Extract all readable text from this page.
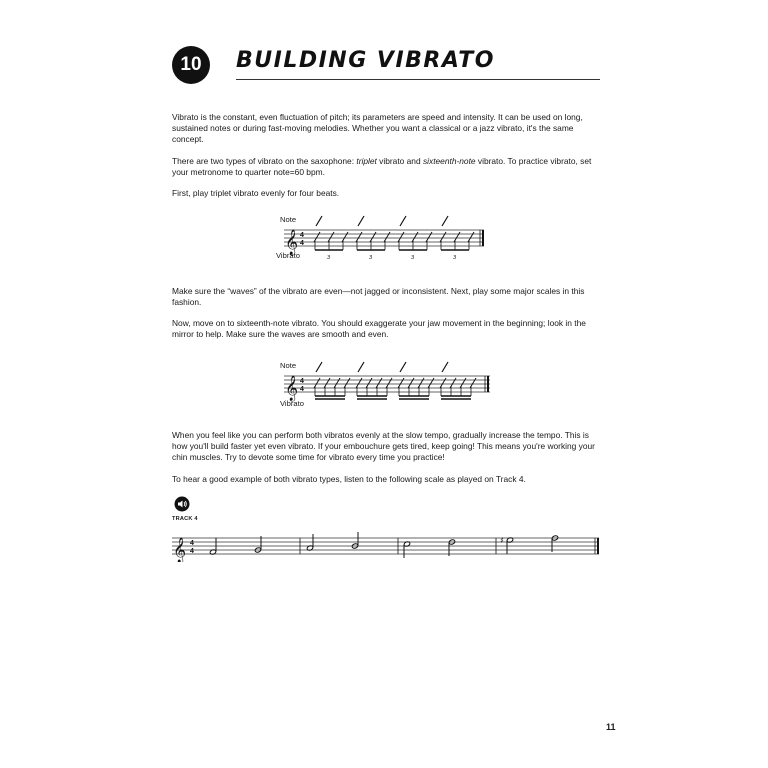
10 BUILDING VIBRATO

Vibrato is the constant, even fluctuation of pitch; its parameters are speed and intensity. It can be used on long, sustained notes or during fast-moving melodies. Whether you want a classical or a jazz vibrato, it's the same concept.

There are two types of vibrato on the saxophone: triplet vibrato and sixteenth-note vibrato. To practice vibrato, set your metronome to quarter note=60 bpm.

First, play triplet vibrato evenly for four beats.

Note
Vibrato
𝄞 4
4
3	3	3	3

Make sure the “waves” of the vibrato are even—not jagged or inconsistent. Next, play some major scales in this fashion.

Now, move on to sixteenth-note vibrato. You should exaggerate your jaw movement in the beginning; look in the mirror to help. Make sure the waves are smooth and even.

Note
Vibrato
𝄞 4
4

When you feel like you can perform both vibratos evenly at the slow tempo, gradually increase the tempo. This is how you'll build faster yet even vibrato. If your embouchure gets tired, keep going! This means you're working your chin muscles. Try to devote some time for vibrato every time you practice!

To hear a good example of both vibrato types, listen to the following scale as played on Track 4.

TRACK 4
𝄞 4
4
♯
11
